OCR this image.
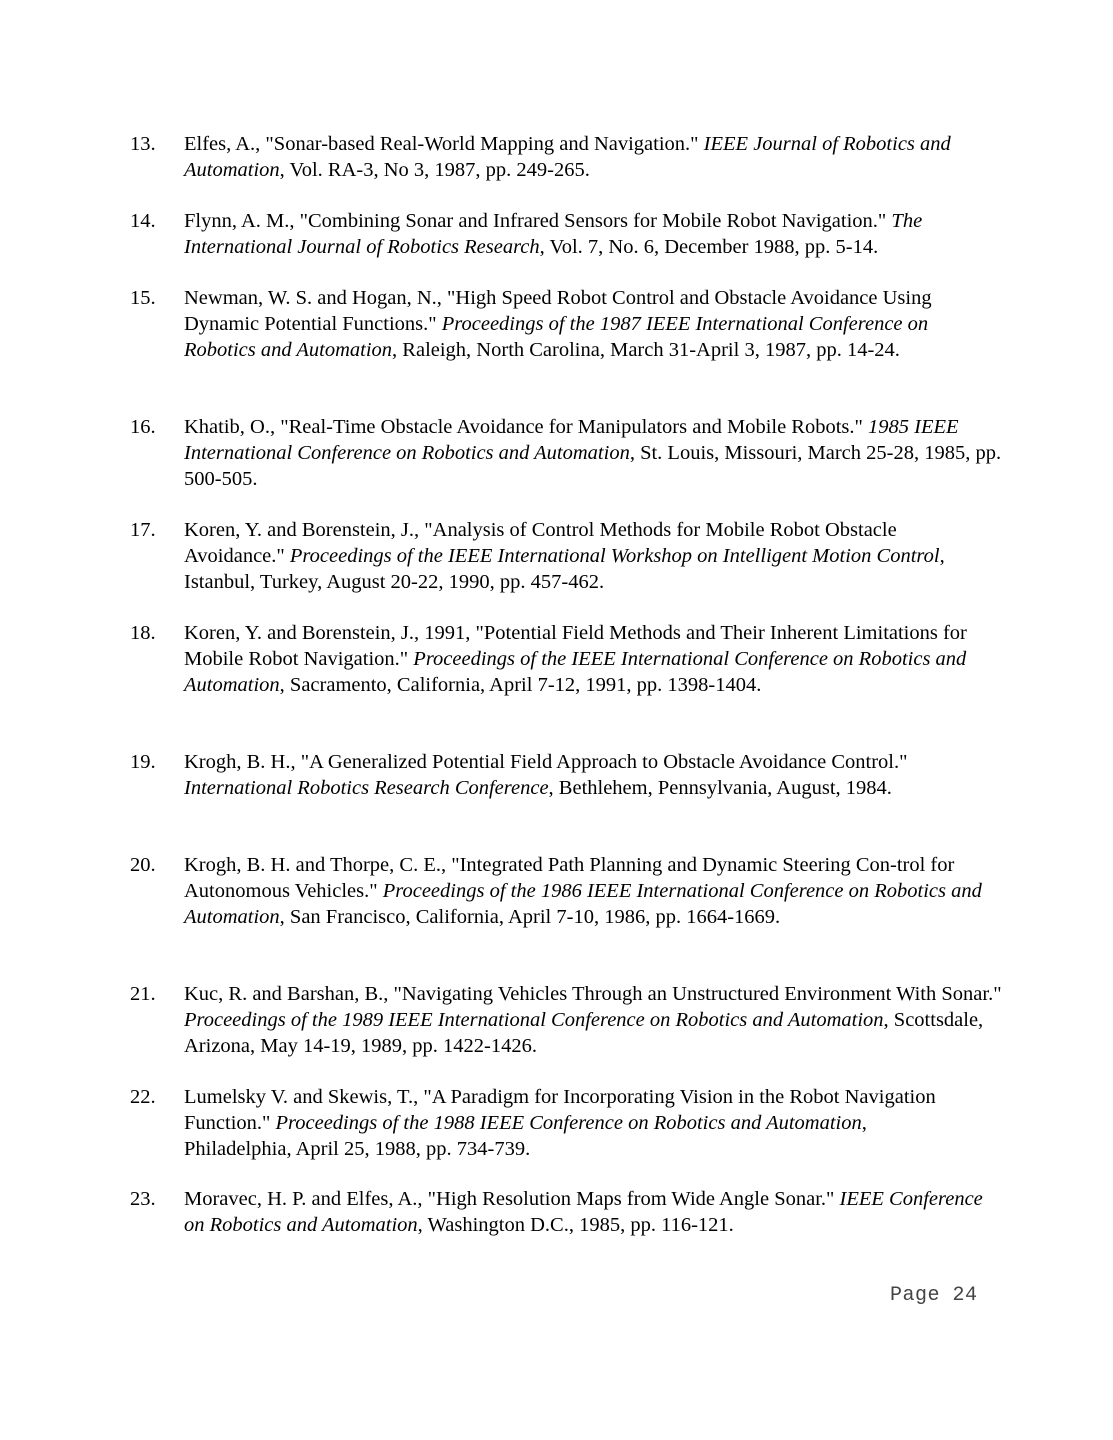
13.	Elfes, A., "Sonar-based Real-World Mapping and Navigation." IEEE Journal of Robotics and Automation, Vol. RA-3, No 3, 1987, pp. 249-265.
14.	Flynn, A. M., "Combining Sonar and Infrared Sensors for Mobile Robot Navigation." The International Journal of Robotics Research, Vol. 7, No. 6, December 1988, pp. 5-14.
15.	Newman, W. S. and Hogan, N., "High Speed Robot Control and Obstacle Avoidance Using Dynamic Potential Functions." Proceedings of the 1987 IEEE International Conference on Robotics and Automation, Raleigh, North Carolina, March 31-April 3, 1987, pp. 14-24.
16.	Khatib, O., "Real-Time Obstacle Avoidance for Manipulators and Mobile Robots." 1985 IEEE International Conference on Robotics and Automation, St. Louis, Missouri, March 25-28, 1985, pp. 500-505.
17.	Koren, Y. and Borenstein, J., "Analysis of Control Methods for Mobile Robot Obstacle Avoidance." Proceedings of the IEEE International Workshop on Intelligent Motion Control, Istanbul, Turkey, August 20-22, 1990, pp. 457-462.
18.	Koren, Y. and Borenstein, J., 1991, "Potential Field Methods and Their Inherent Limitations for Mobile Robot Navigation." Proceedings of the IEEE International Conference on Robotics and Automation, Sacramento, California, April 7-12, 1991, pp. 1398-1404.
19.	Krogh, B. H., "A Generalized Potential Field Approach to Obstacle Avoidance Control." International Robotics Research Conference, Bethlehem, Pennsylvania, August, 1984.
20.	Krogh, B. H. and Thorpe, C. E., "Integrated Path Planning and Dynamic Steering Con-trol for Autonomous Vehicles." Proceedings of the 1986 IEEE International Conference on Robotics and Automation, San Francisco, California, April 7-10, 1986, pp. 1664-1669.
21.	Kuc, R. and Barshan, B., "Navigating Vehicles Through an Unstructured Environment With Sonar." Proceedings of the 1989 IEEE International Conference on Robotics and Automation, Scottsdale, Arizona, May 14-19, 1989, pp. 1422-1426.
22.	Lumelsky V. and Skewis, T., "A Paradigm for Incorporating Vision in the Robot Navigation Function." Proceedings of the 1988 IEEE Conference on Robotics and Automation, Philadelphia, April 25, 1988, pp. 734-739.
23.	Moravec, H. P. and Elfes, A., "High Resolution Maps from Wide Angle Sonar." IEEE Conference on Robotics and Automation, Washington D.C., 1985, pp. 116-121.
Page 24
